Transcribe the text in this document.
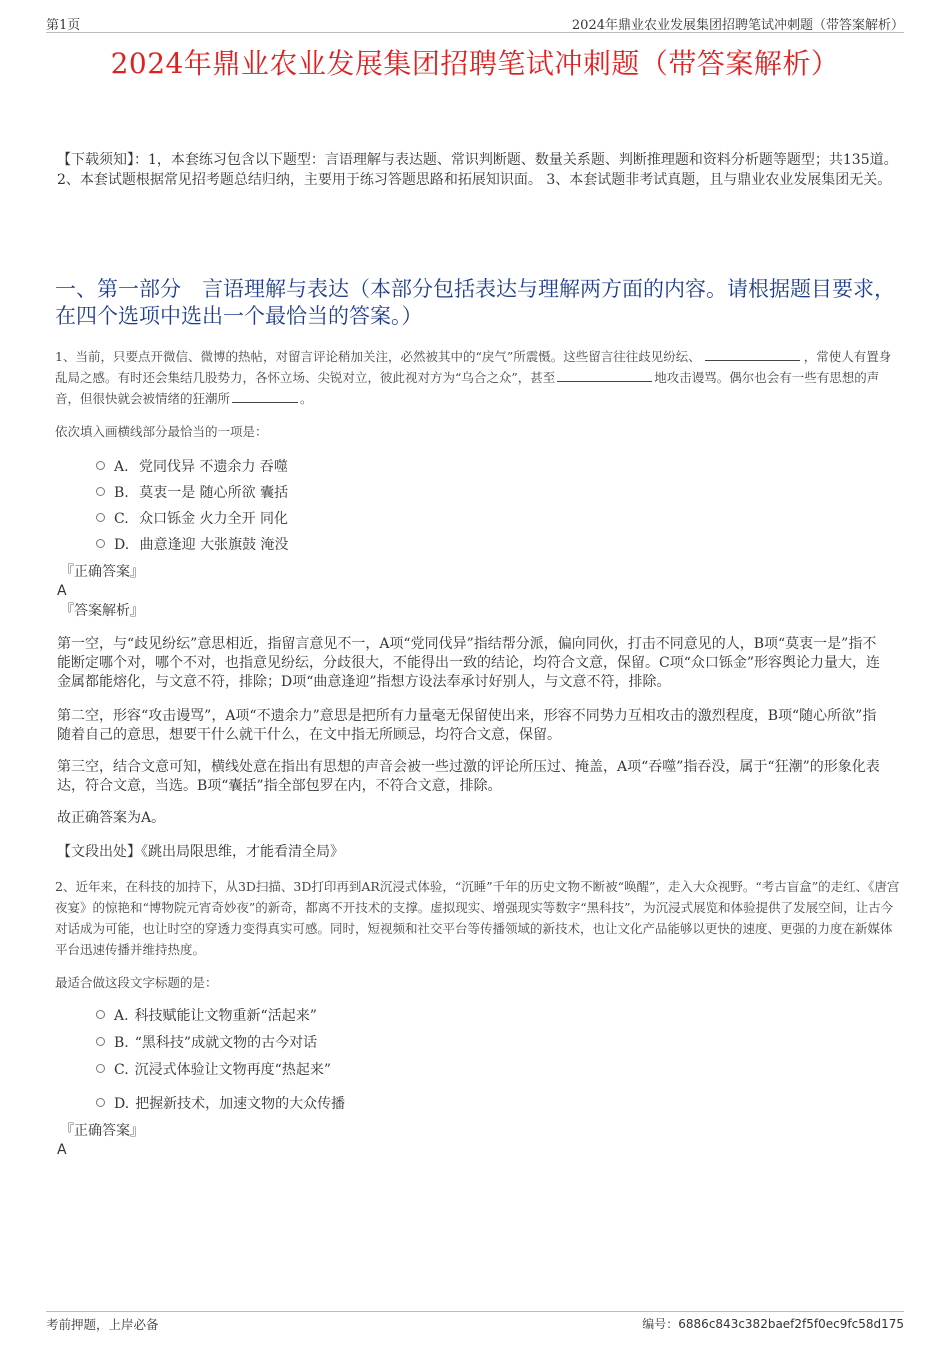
第1页	2024年鼎业农业发展集团招聘笔试冲刺题（带答案解析）
2024年鼎业农业发展集团招聘笔试冲刺题（带答案解析）
【下载须知】：1，本套练习包含以下题型：言语理解与表达题、常识判断题、数量关系题、判断推理题和资料分析题等题型；共135道。 2、本套试题根据常见招考题总结归纳，主要用于练习答题思路和拓展知识面。 3、本套试题非考试真题，且与鼎业农业发展集团无关。
一、第一部分　言语理解与表达（本部分包括表达与理解两方面的内容。请根据题目要求，在四个选项中选出一个最恰当的答案。）
1、当前，只要点开微信、微博的热帖，对留言评论稍加关注，必然被其中的“戾气”所震慑。这些留言往往歧见纷纭、	，常使人有置身乱局之感。有时还会集结几股势力，各怀立场、尖锐对立，彼此视对方为“乌合之众”，甚至	地攻击谩骂。偶尔也会有一些有思想的声音，但很快就会被情绪的狂潮所	。
依次填入画横线部分最恰当的一项是：
A. 党同伐异 不遗余力 吞噬
B. 莫衷一是 随心所欲 囊括
C. 众口铄金 火力全开 同化
D. 曲意逢迎 大张旗鼓 淹没
『正确答案』
A
『答案解析』
第一空，与“歧见纷纭”意思相近，指留言意见不一，A项“党同伐异”指结帮分派，偏向同伙，打击不同意见的人，B项“莫衷一是”指不能断定哪个对，哪个不对，也指意见纷纭，分歧很大，不能得出一致的结论，均符合文意，保留。C项“众口铄金”形容舆论力量大，连金属都能熔化，与文意不符，排除；D项“曲意逢迎”指想方设法奉承讨好别人，与文意不符，排除。
第二空，形容“攻击谩骂”，A项“不遗余力”意思是把所有力量毫无保留使出来，形容不同势力互相攻击的激烈程度，B项“随心所欲”指随着自己的意思，想要干什么就干什么，在文中指无所顾忌，均符合文意，保留。
第三空，结合文意可知，横线处意在指出有思想的声音会被一些过激的评论所压过、掩盖，A项“吞噬”指吞没，属于“狂潮”的形象化表达，符合文意，当选。B项“囊括”指全部包罗在内，不符合文意，排除。
故正确答案为A。
【文段出处】《跳出局限思维，才能看清全局》
2、近年来，在科技的加持下，从3D扫描、3D打印再到AR沉浸式体验，“沉睡”千年的历史文物不断被“唤醒”，走入大众视野。“考古盲盒”的走红、《唐宫夜宴》的惊艳和“博物院元宵奇妙夜”的新奇，都离不开技术的支撑。虚拟现实、增强现实等数字“黑科技”，为沉浸式展览和体验提供了发展空间，让古今对话成为可能，也让时空的穿透力变得真实可感。同时，短视频和社交平台等传播领域的新技术，也让文化产品能够以更快的速度、更强的力度在新媒体平台迅速传播并维持热度。
最适合做这段文字标题的是：
A. 科技赋能让文物重新“活起来”
B. “黑科技”成就文物的古今对话
C. 沉浸式体验让文物再度“热起来”
D. 把握新技术，加速文物的大众传播
『正确答案』
A
考前押题，上岸必备	编号：6886c843c382baef2f5f0ec9fc58d175
